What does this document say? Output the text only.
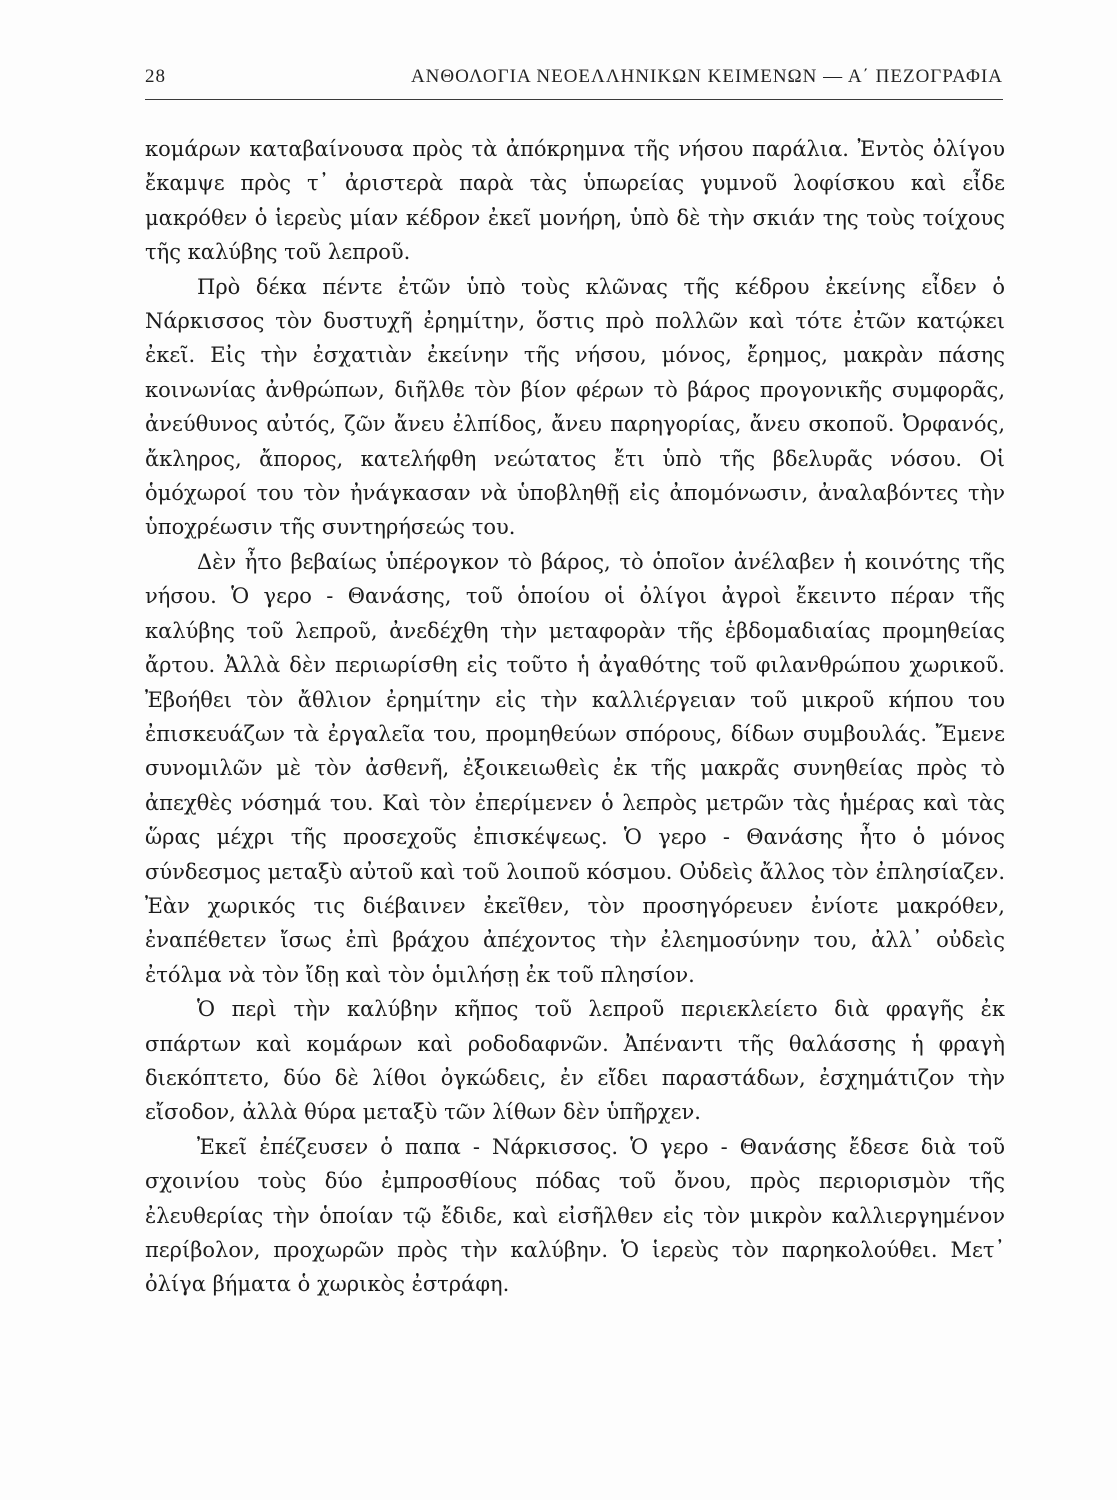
28	ΑΝΘΟΛΟΓΙΑ ΝΕΟΕΛΛΗΝΙΚΩΝ ΚΕΙΜΕΝΩΝ — Α΄ ΠΕΖΟΓΡΑΦΙΑ

κομάρων καταβαίνουσα πρὸς τὰ ἀπόκρημνα τῆς νήσου παράλια. Ἐντὸς ὀλίγου ἔκαμψε πρὸς τ᾽ ἀριστερὰ παρὰ τὰς ὑπωρείας γυμνοῦ λοφίσκου καὶ εἶδε μακρόθεν ὁ ἱερεὺς μίαν κέδρον ἐκεῖ μονήρη, ὑπὸ δὲ τὴν σκιάν της τοὺς τοίχους τῆς καλύβης τοῦ λεπροῦ.

Πρὸ δέκα πέντε ἐτῶν ὑπὸ τοὺς κλῶνας τῆς κέδρου ἐκείνης εἶδεν ὁ Νάρκισσος τὸν δυστυχῆ ἐρημίτην, ὅστις πρὸ πολλῶν καὶ τότε ἐτῶν κατῴκει ἐκεῖ. Εἰς τὴν ἐσχατιὰν ἐκείνην τῆς νήσου, μόνος, ἔρημος, μακρὰν πάσης κοινωνίας ἀνθρώπων, διῆλθε τὸν βίον φέρων τὸ βάρος προγονικῆς συμφορᾶς, ἀνεύθυνος αὐτός, ζῶν ἄνευ ἐλπίδος, ἄνευ παρηγορίας, ἄνευ σκοποῦ. Ὀρφανός, ἄκληρος, ἄπορος, κατελήφθη νεώτατος ἔτι ὑπὸ τῆς βδελυρᾶς νόσου. Οἱ ὁμόχωροί του τὸν ἠνάγκασαν νὰ ὑποβληθῇ εἰς ἀπομόνωσιν, ἀναλαβόντες τὴν ὑποχρέωσιν τῆς συντηρήσεώς του.

Δὲν ἦτο βεβαίως ὑπέρογκον τὸ βάρος, τὸ ὁποῖον ἀνέλαβεν ἡ κοινότης τῆς νήσου. Ὁ γερο - Θανάσης, τοῦ ὁποίου οἱ ὀλίγοι ἀγροὶ ἔκειντο πέραν τῆς καλύβης τοῦ λεπροῦ, ἀνεδέχθη τὴν μεταφορὰν τῆς ἑβδομαδιαίας προμηθείας ἄρτου. Ἀλλὰ δὲν περιωρίσθη εἰς τοῦτο ἡ ἀγαθότης τοῦ φιλανθρώπου χωρικοῦ. Ἐβοήθει τὸν ἄθλιον ἐρημίτην εἰς τὴν καλλιέργειαν τοῦ μικροῦ κήπου του ἐπισκευάζων τὰ ἐργαλεῖα του, προμηθεύων σπόρους, δίδων συμβουλάς. Ἔμενε συνομιλῶν μὲ τὸν ἀσθενῆ, ἐξοικειωθεὶς ἐκ τῆς μακρᾶς συνηθείας πρὸς τὸ ἀπεχθὲς νόσημά του. Καὶ τὸν ἐπερίμενεν ὁ λεπρὸς μετρῶν τὰς ἡμέρας καὶ τὰς ὥρας μέχρι τῆς προσεχοῦς ἐπισκέψεως. Ὁ γερο - Θανάσης ἦτο ὁ μόνος σύνδεσμος μεταξὺ αὐτοῦ καὶ τοῦ λοιποῦ κόσμου. Οὐδεὶς ἄλλος τὸν ἐπλησίαζεν. Ἐὰν χωρικός τις διέβαινεν ἐκεῖθεν, τὸν προσηγόρευεν ἐνίοτε μακρόθεν, ἐναπέθετεν ἴσως ἐπὶ βράχου ἀπέχοντος τὴν ἐλεημοσύνην του, ἀλλ᾽ οὐδεὶς ἐτόλμα νὰ τὸν ἴδῃ καὶ τὸν ὁμιλήσῃ ἐκ τοῦ πλησίον.

Ὁ περὶ τὴν καλύβην κῆπος τοῦ λεπροῦ περιεκλείετο διὰ φραγῆς ἐκ σπάρτων καὶ κομάρων καὶ ροδοδαφνῶν. Ἀπέναντι τῆς θαλάσσης ἡ φραγὴ διεκόπτετο, δύο δὲ λίθοι ὀγκώδεις, ἐν εἴδει παραστάδων, ἐσχημάτιζον τὴν εἴσοδον, ἀλλὰ θύρα μεταξὺ τῶν λίθων δὲν ὑπῆρχεν.

Ἐκεῖ ἐπέζευσεν ὁ παπα - Νάρκισσος. Ὁ γερο - Θανάσης ἔδεσε διὰ τοῦ σχοινίου τοὺς δύο ἐμπροσθίους πόδας τοῦ ὄνου, πρὸς περιορισμὸν τῆς ἐλευθερίας τὴν ὁποίαν τῷ ἔδιδε, καὶ εἰσῆλθεν εἰς τὸν μικρὸν καλλιεργημένον περίβολον, προχωρῶν πρὸς τὴν καλύβην. Ὁ ἱερεὺς τὸν παρηκολούθει. Μετ᾽ ὀλίγα βήματα ὁ χωρικὸς ἐστράφη.
